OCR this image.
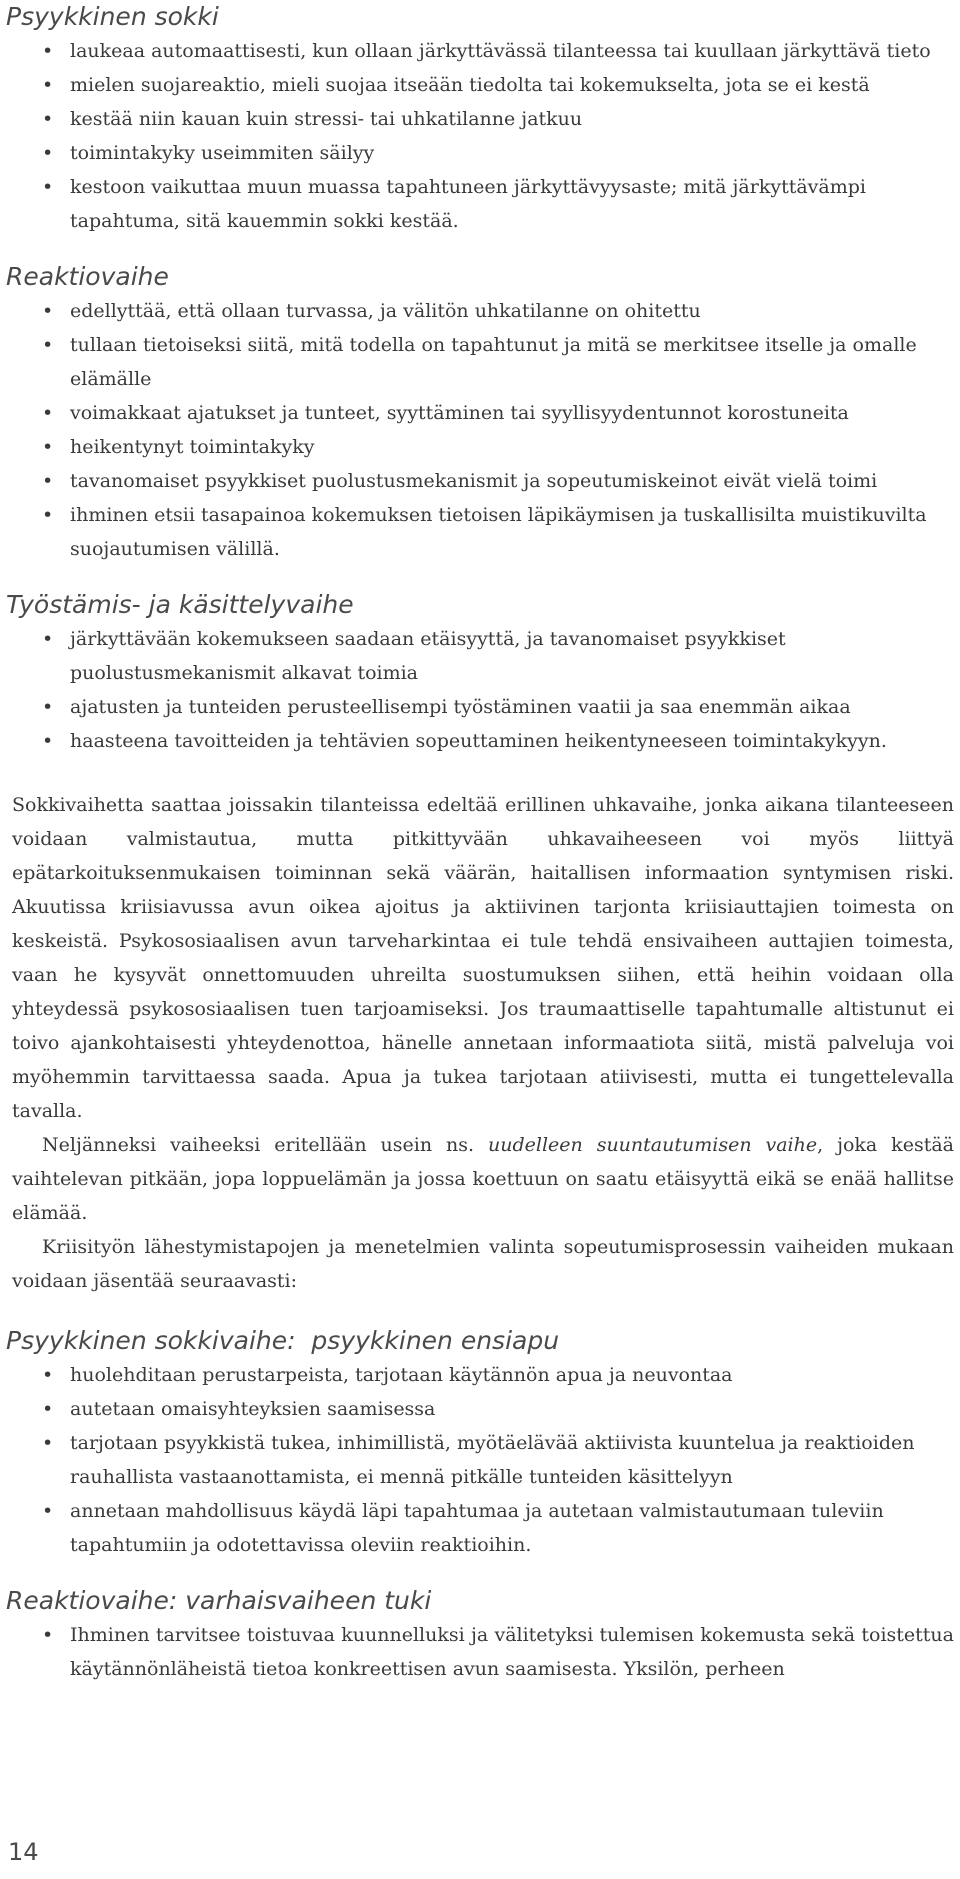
Psyykkinen sokki
• laukeaa automaattisesti, kun ollaan järkyttävässä tilanteessa tai kuullaan järkyttävä tieto
• mielen suojareaktio, mieli suojaa itseään tiedolta tai kokemukselta, jota se ei kestä
• kestää niin kauan kuin stressi- tai uhkatilanne jatkuu
• toimintakyky useimmiten säilyy
• kestoon vaikuttaa muun muassa tapahtuneen järkyttävyysaste; mitä järkyttävämpi tapahtuma, sitä kauemmin sokki kestää.
Reaktiovaihe
• edellyttää, että ollaan turvassa, ja välitön uhkatilanne on ohitettu
• tullaan tietoiseksi siitä, mitä todella on tapahtunut ja mitä se merkitsee itselle ja omalle elämälle
• voimakkaat ajatukset ja tunteet, syyttäminen tai syyllisyydentunnot korostuneita
• heikentynyt toimintakyky
• tavanomaiset psyykkiset puolustusmekanismit ja sopeutumiskeinot eivät vielä toimi
• ihminen etsii tasapainoa kokemuksen tietoisen läpikäymisen ja tuskallisilta muistikuvilta suojautumisen välillä.
Työstämis- ja käsittelyvaihe
• järkyttävään kokemukseen saadaan etäisyyttä, ja tavanomaiset psyykkiset puolustusmekanismit alkavat toimia
• ajatusten ja tunteiden perusteellisempi työstäminen vaatii ja saa enemmän aikaa
• haasteena tavoitteiden ja tehtävien sopeuttaminen heikentyneeseen toimintakykyyn.

Sokkivaihetta saattaa joissakin tilanteissa edeltää erillinen uhkavaihe, jonka aikana tilanteeseen voidaan valmistautua, mutta pitkittyvään uhkavaiheeseen voi myös liittyä epätarkoituksenmukaisen toiminnan sekä väärän, haitallisen informaation syntymisen riski. Akuutissa kriisiavussa avun oikea ajoitus ja aktiivinen tarjonta kriisiauttajien toimesta on keskeistä. Psykososiaalisen avun tarveharkintaa ei tule tehdä ensivaiheen auttajien toimesta, vaan he kysyvät onnettomuuden uhreilta suostumuksen siihen, että heihin voidaan olla yhteydessä psykososiaalisen tuen tarjoamiseksi. Jos traumaattiselle tapahtumalle altistunut ei toivo ajankohtaisesti yhteydenottoa, hänelle annetaan informaatiota siitä, mistä palveluja voi myöhemmin tarvittaessa saada. Apua ja tukea tarjotaan atiivisesti, mutta ei tungettelevalla tavalla.

Neljänneksi vaiheeksi eritellään usein ns. uudelleen suuntautumisen vaihe, joka kestää vaihtelevan pitkään, jopa loppuelämän ja jossa koettuun on saatu etäisyyttä eikä se enää hallitse elämää.

Kriisityön lähestymistapojen ja menetelmien valinta sopeutumisprosessin vaiheiden mukaan voidaan jäsentää seuraavasti:

Psyykkinen sokkivaihe:  psyykkinen ensiapu
• huolehditaan perustarpeista, tarjotaan käytännön apua ja neuvontaa
• autetaan omaisyhteyksien saamisessa
• tarjotaan psyykkistä tukea, inhimillistä, myötäelävää aktiivista kuuntelua ja reaktioiden rauhallista vastaanottamista, ei mennä pitkälle tunteiden käsittelyyn
• annetaan mahdollisuus käydä läpi tapahtumaa ja autetaan valmistautumaan tuleviin tapahtumiin ja odotettavissa oleviin reaktioihin.
Reaktiovaihe: varhaisvaiheen tuki
• Ihminen tarvitsee toistuvaa kuunnelluksi ja välitetyksi tulemisen kokemusta sekä toistettua käytännönläheistä tietoa konkreettisen avun saamisesta. Yksilön, perheen
14
